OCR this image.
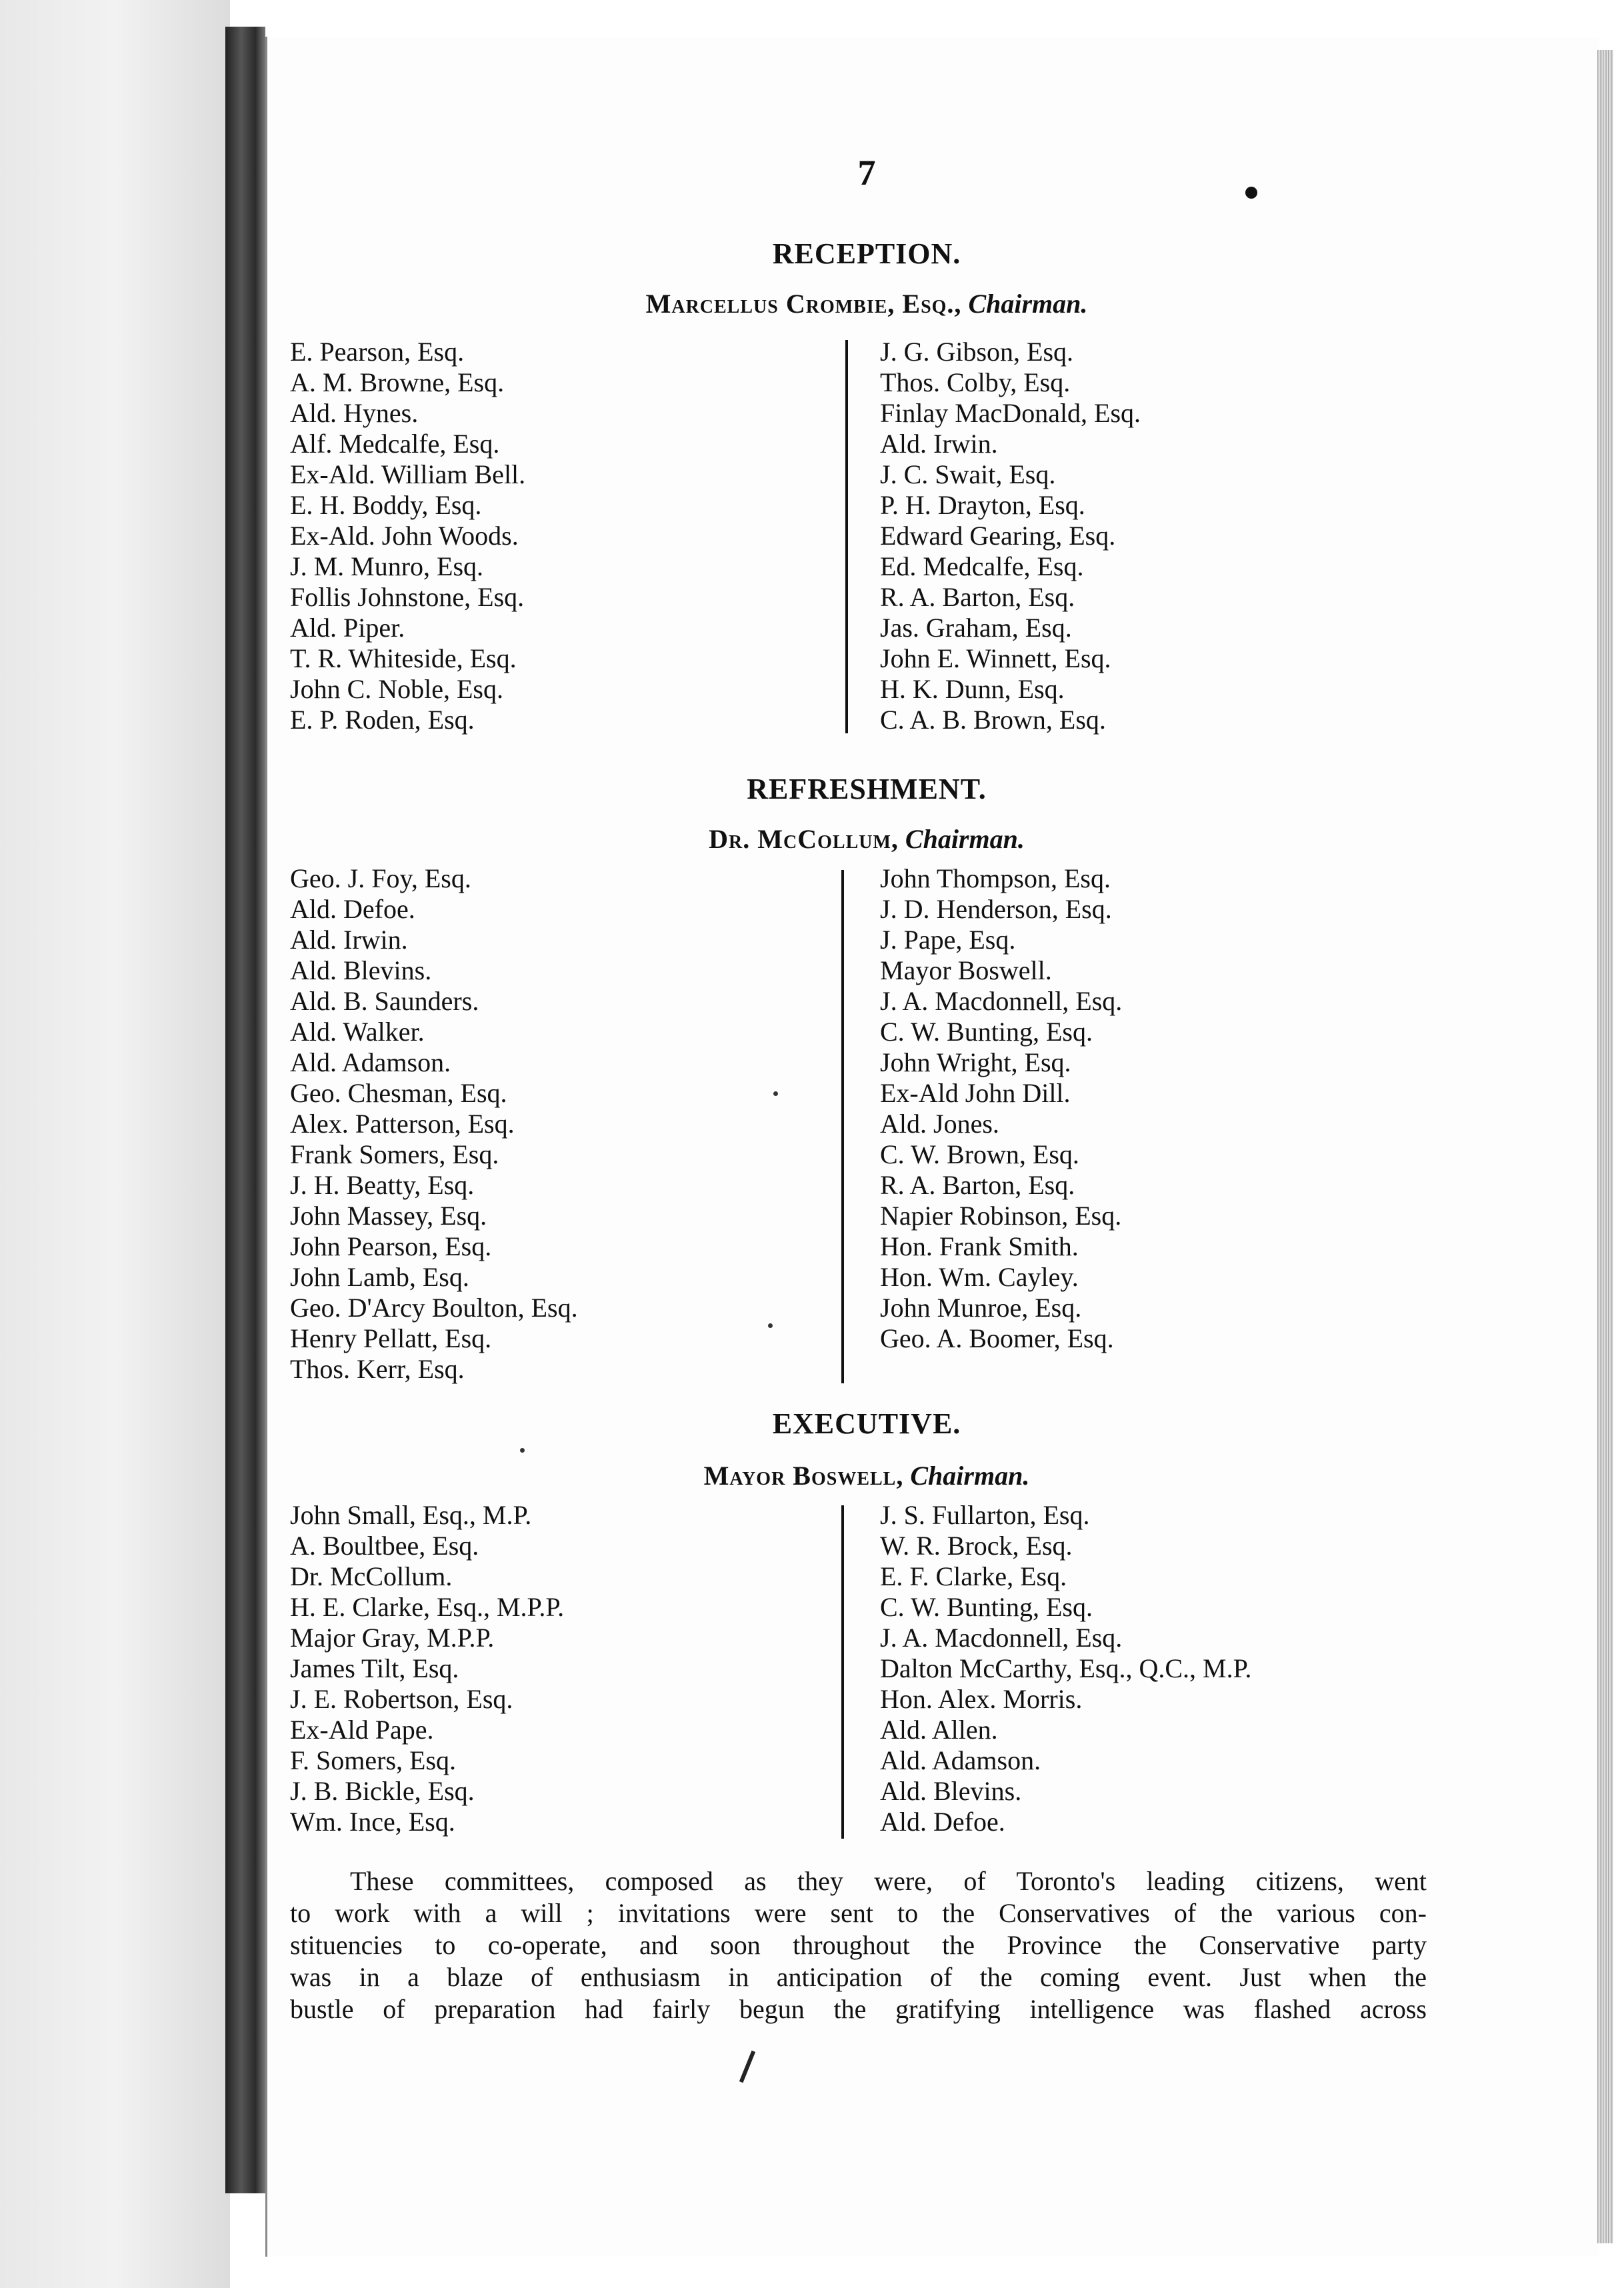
7
RECEPTION.
Marcellus Crombie, Esq., Chairman.
E. Pearson, Esq.
A. M. Browne, Esq.
Ald. Hynes.
Alf. Medcalfe, Esq.
Ex-Ald. William Bell.
E. H. Boddy, Esq.
Ex-Ald. John Woods.
J. M. Munro, Esq.
Follis Johnstone, Esq.
Ald. Piper.
T. R. Whiteside, Esq.
John C. Noble, Esq.
E. P. Roden, Esq.
J. G. Gibson, Esq.
Thos. Colby, Esq.
Finlay MacDonald, Esq.
Ald. Irwin.
J. C. Swait, Esq.
P. H. Drayton, Esq.
Edward Gearing, Esq.
Ed. Medcalfe, Esq.
R. A. Barton, Esq.
Jas. Graham, Esq.
John E. Winnett, Esq.
H. K. Dunn, Esq.
C. A. B. Brown, Esq.
REFRESHMENT.
Dr. McCollum, Chairman.
Geo. J. Foy, Esq.
Ald. Defoe.
Ald. Irwin.
Ald. Blevins.
Ald. B. Saunders.
Ald. Walker.
Ald. Adamson.
Geo. Chesman, Esq.
Alex. Patterson, Esq.
Frank Somers, Esq.
J. H. Beatty, Esq.
John Massey, Esq.
John Pearson, Esq.
John Lamb, Esq.
Geo. D'Arcy Boulton, Esq.
Henry Pellatt, Esq.
Thos. Kerr, Esq.
John Thompson, Esq.
J. D. Henderson, Esq.
J. Pape, Esq.
Mayor Boswell.
J. A. Macdonnell, Esq.
C. W. Bunting, Esq.
John Wright, Esq.
Ex-Ald John Dill.
Ald. Jones.
C. W. Brown, Esq.
R. A. Barton, Esq.
Napier Robinson, Esq.
Hon. Frank Smith.
Hon. Wm. Cayley.
John Munroe, Esq.
Geo. A. Boomer, Esq.
EXECUTIVE.
Mayor Boswell, Chairman.
John Small, Esq., M.P.
A. Boultbee, Esq.
Dr. McCollum.
H. E. Clarke, Esq., M.P.P.
Major Gray, M.P.P.
James Tilt, Esq.
J. E. Robertson, Esq.
Ex-Ald Pape.
F. Somers, Esq.
J. B. Bickle, Esq.
Wm. Ince, Esq.
J. S. Fullarton, Esq.
W. R. Brock, Esq.
E. F. Clarke, Esq.
C. W. Bunting, Esq.
J. A. Macdonnell, Esq.
Dalton McCarthy, Esq., Q.C., M.P.
Hon. Alex. Morris.
Ald. Allen.
Ald. Adamson.
Ald. Blevins.
Ald. Defoe.
These committees, composed as they were, of Toronto's leading citizens, went
to work with a will ; invitations were sent to the Conservatives of the various con-
stituencies to co-operate, and soon throughout the Province the Conservative party
was in a blaze of enthusiasm in anticipation of the coming event. Just when the
bustle of preparation had fairly begun the gratifying intelligence was flashed across
